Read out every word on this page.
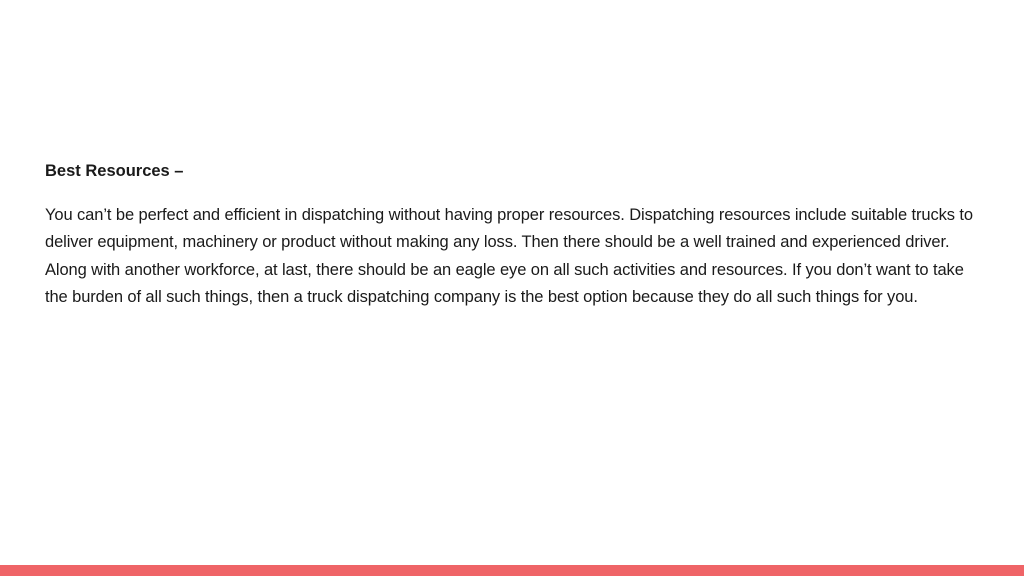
Best Resources –

You can’t be perfect and efficient in dispatching without having proper resources. Dispatching resources include suitable trucks to deliver equipment, machinery or product without making any loss. Then there should be a well trained and experienced driver. Along with another workforce, at last, there should be an eagle eye on all such activities and resources. If you don’t want to take the burden of all such things, then a truck dispatching company is the best option because they do all such things for you.
